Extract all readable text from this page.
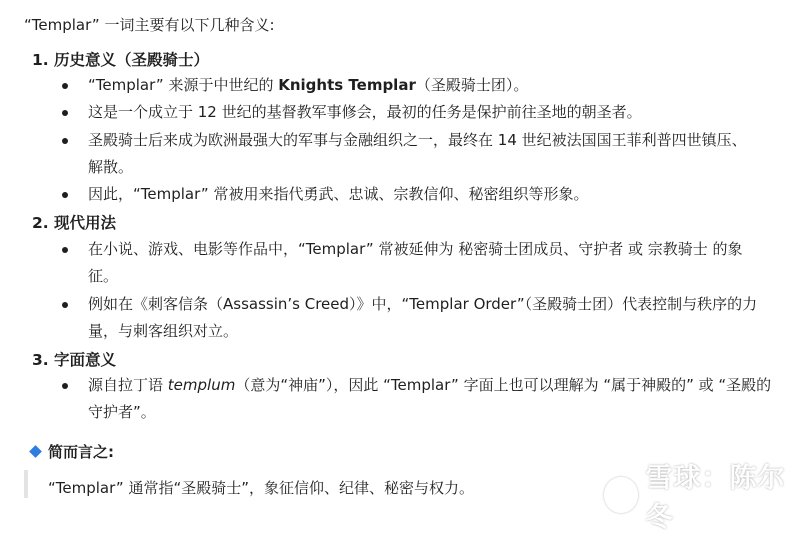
“Templar” 一词主要有以下几种含义:
1. 历史意义（圣殿骑士）
“Templar” 来源于中世纪的 Knights Templar（圣殿骑士团）。
这是一个成立于 12 世纪的基督教军事修会，最初的任务是保护前往圣地的朝圣者。
圣殿骑士后来成为欧洲最强大的军事与金融组织之一，最终在 14 世纪被法国国王菲利普四世镇压、
解散。
因此，“Templar” 常被用来指代勇武、忠诚、宗教信仰、秘密组织等形象。
2. 现代用法
在小说、游戏、电影等作品中，“Templar” 常被延伸为 秘密骑士团成员、守护者 或 宗教骑士 的象
征。
例如在《刺客信条（Assassin’s Creed）》中，“Templar Order”（圣殿骑士团）代表控制与秩序的力
量，与刺客组织对立。
3. 字面意义
源自拉丁语 templum（意为“神庙”），因此 “Templar” 字面上也可以理解为 “属于神殿的” 或 “圣殿的
守护者”。
简而言之:
“Templar” 通常指“圣殿骑士”，象征信仰、纪律、秘密与权力。	雪球：陈尔冬
